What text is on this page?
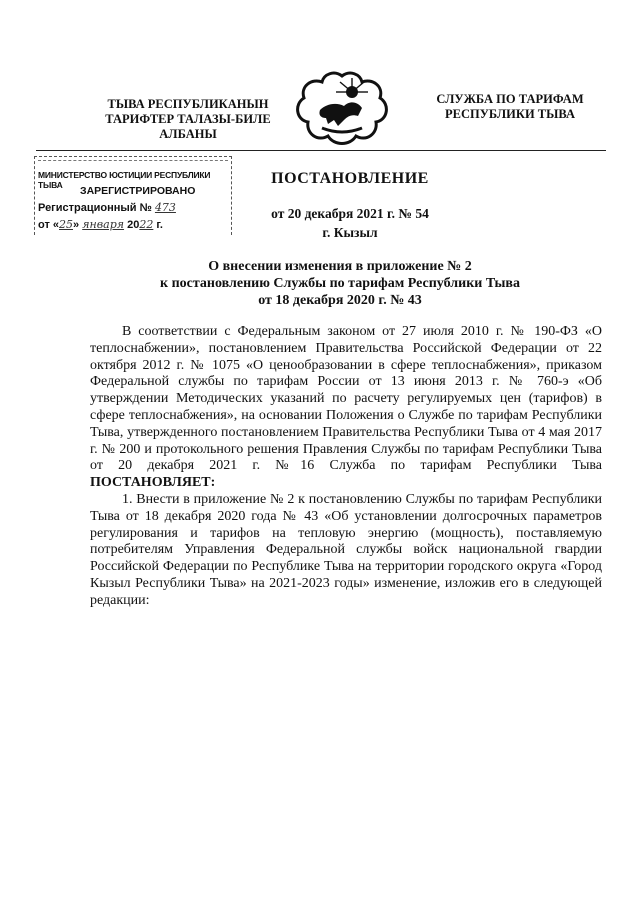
ТЫВА РЕСПУБЛИКАНЫН
ТАРИФТЕР ТАЛАЗЫ-БИЛЕ
АЛБАНЫ
СЛУЖБА ПО ТАРИФАМ
РЕСПУБЛИКИ ТЫВА
МИНИСТЕРСТВО ЮСТИЦИИ РЕСПУБЛИКИ ТЫВА	ЗАРЕГИСТРИРОВАНО
Регистрационный № 473
от «25» января 2022 г.
ПОСТАНОВЛЕНИЕ
от 20 декабря 2021 г. № 54
г. Кызыл
О внесении изменения в приложение № 2
к постановлению Службы по тарифам Республики Тыва
от 18 декабря 2020 г. № 43

В соответствии с Федеральным законом от 27 июля 2010 г. № 190-ФЗ «О теплоснабжении», постановлением Правительства Российской Федерации от 22 октября 2012 г. № 1075 «О ценообразовании в сфере теплоснабжения», приказом Федеральной службы по тарифам России от 13 июня 2013 г. № 760-э «Об утверждении Методических указаний по расчету регулируемых цен (тарифов) в сфере теплоснабжения», на основании Положения о Службе по тарифам Республики Тыва, утвержденного постановлением Правительства Республики Тыва от 4 мая 2017 г. № 200 и протокольного решения Правления Службы по тарифам Республики Тыва от 20 декабря 2021 г. №16 Служба по тарифам Республики Тыва ПОСТАНОВЛЯЕТ:

1. Внести в приложение № 2 к постановлению Службы по тарифам Республики Тыва от 18 декабря 2020 года № 43 «Об установлении долгосрочных параметров регулирования и тарифов на тепловую энергию (мощность), поставляемую потребителям Управления Федеральной службы войск национальной гвардии Российской Федерации по Республике Тыва на территории городского округа «Город Кызыл Республики Тыва» на 2021-2023 годы» изменение, изложив его в следующей редакции:
